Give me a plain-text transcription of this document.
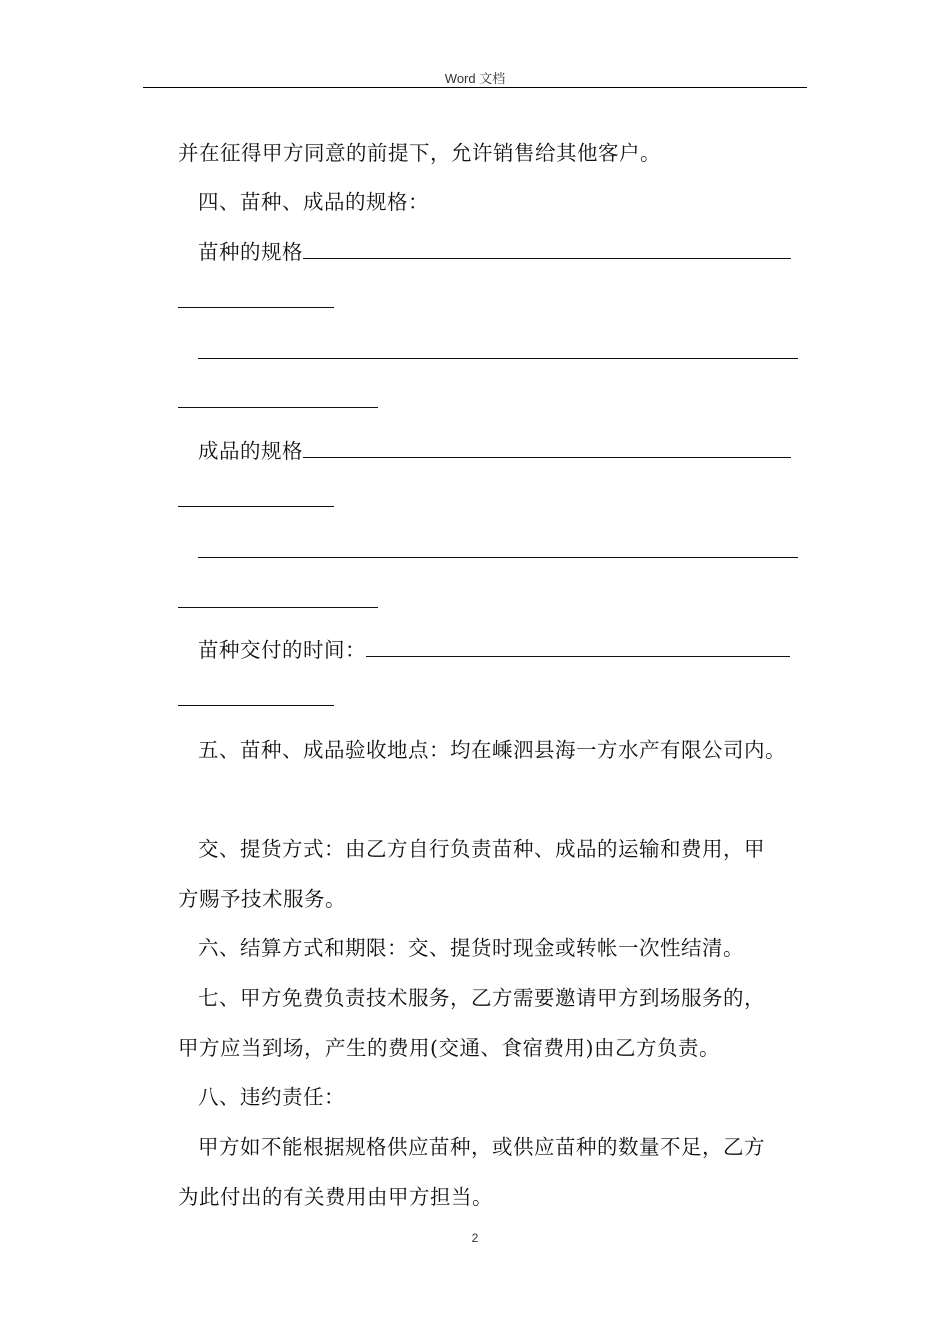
Word 文档
并在征得甲方同意的前提下，允许销售给其他客户。
四、苗种、成品的规格：
苗种的规格
成品的规格
苗种交付的时间：
五、苗种、成品验收地点：均在嵊泗县海一方水产有限公司内。
交、提货方式：由乙方自行负责苗种、成品的运输和费用，甲
方赐予技术服务。
六、结算方式和期限：交、提货时现金或转帐一次性结清。
七、甲方免费负责技术服务，乙方需要邀请甲方到场服务的，
甲方应当到场，产生的费用(交通、食宿费用)由乙方负责。
八、违约责任：
甲方如不能根据规格供应苗种，或供应苗种的数量不足，乙方
为此付出的有关费用由甲方担当。
2
